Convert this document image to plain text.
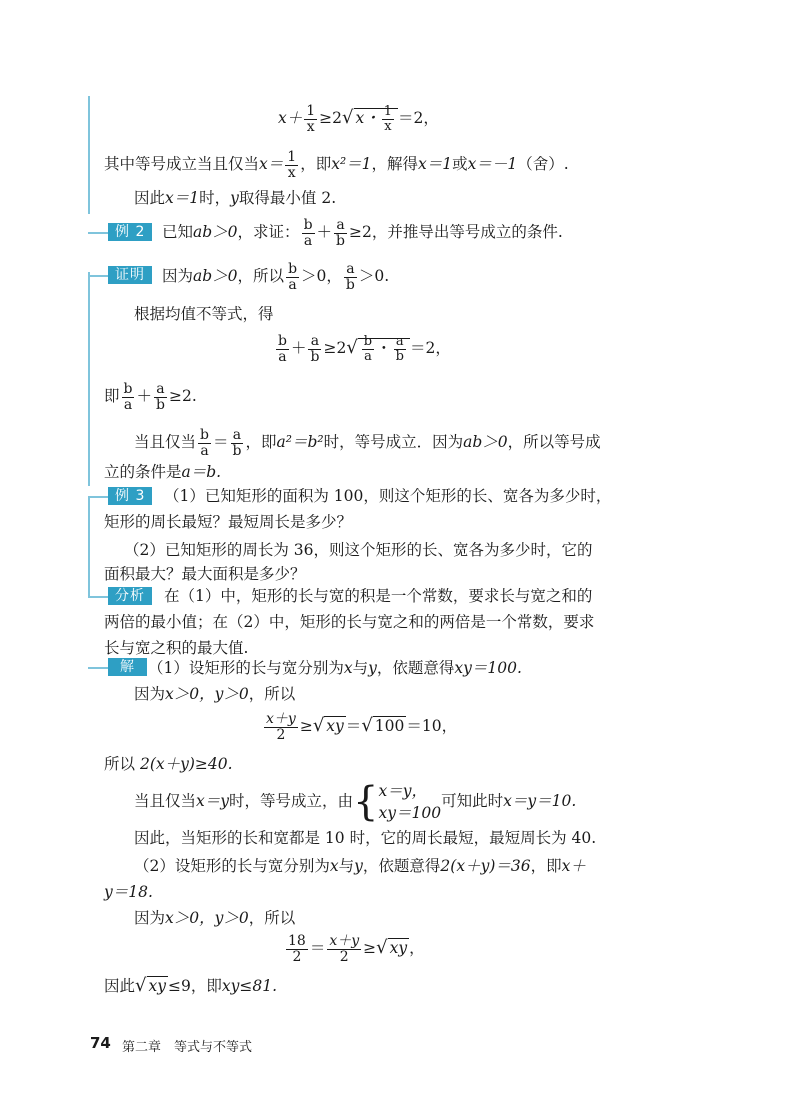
$x+ \frac{1}{x} \ge 2√$ x・ $\frac{1}{x} =2$，
其中等号成立当且仅当$x= \frac{1}{x}$ ，即x²＝1，解得x＝1或x＝－1（舍）.
因此x＝1时，y取得最小值 2.
例 2	已知ab＞0，求证： $\frac{b}{a} + \frac{a}{b} \ge 2$，并推导出等号成立的条件.
证明	因为ab＞0，所以 $\frac{b}{a} >0$， $\frac{a}{b} >0$.
根据均值不等式，得
$\frac{b}{a} + \frac{a}{b} \ge 2√ \frac{b}{a}$ ・ $\frac{a}{b} =2$，
即 $\frac{b}{a} + \frac{a}{b} \ge 2$.
当且仅当 $\frac{b}{a} = \frac{a}{b}$ ，即a²＝b²时，等号成立．因为ab＞0，所以等号成
立的条件是a＝b.
例 3	（1）已知矩形的面积为 100，则这个矩形的长、宽各为多少时，
矩形的周长最短？最短周长是多少？
（2）已知矩形的周长为 36，则这个矩形的长、宽各为多少时，它的
面积最大？最大面积是多少？
分析	在（1）中，矩形的长与宽的积是一个常数，要求长与宽之和的
两倍的最小值；在（2）中，矩形的长与宽之和的两倍是一个常数，要求
长与宽之积的最大值.
解 （1）设矩形的长与宽分别为x与y，依题意得xy＝100.
因为x＞0，y＞0，所以
$\frac{x+y}{2}$ ≥√ xy ＝√ 100 ＝10，
所以 2(x＋y)≥40.
当且仅当x＝y时，等号成立，由{ x＝y，
xy＝100
可知此时x＝y＝10.
因此，当矩形的长和宽都是 10 时，它的周长最短，最短周长为 40.
（2）设矩形的长与宽分别为x与y，依题意得2(x＋y)＝36，即x＋
y＝18.
因为x＞0，y＞0，所以
$\frac{18}{2} = \frac{x+y}{2}$ ≥√ xy ，
因此√ xy ≤9，即xy≤81.
74 第二章　等式与不等式
